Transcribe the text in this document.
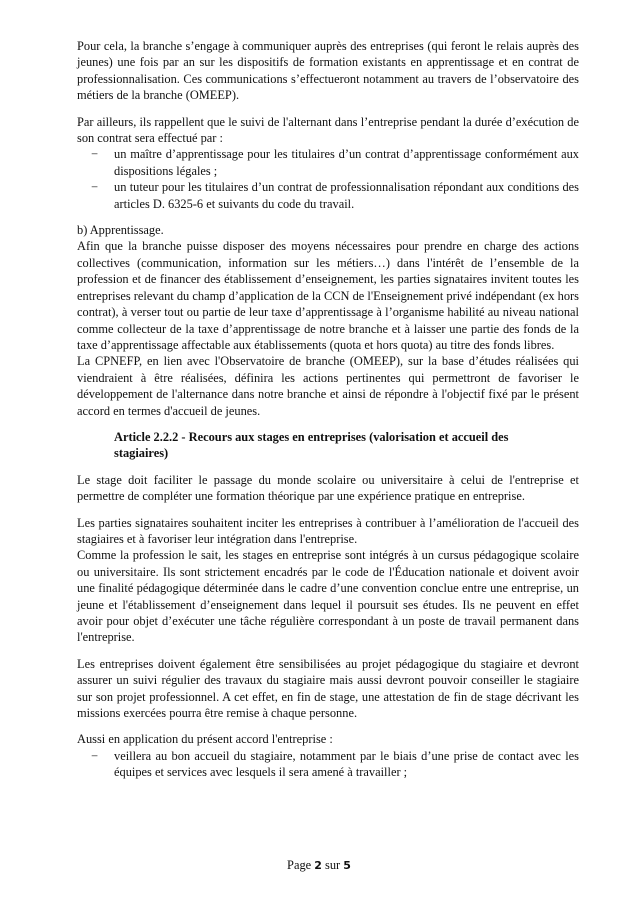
Pour cela, la branche s’engage à communiquer auprès des entreprises (qui feront le relais auprès des jeunes) une fois par an sur les dispositifs de formation existants en apprentissage et en contrat de professionnalisation. Ces communications s’effectueront notamment au travers de l’observatoire des métiers de la branche (OMEEP).

Par ailleurs, ils rappellent que le suivi de l'alternant dans l’entreprise pendant la durée d’exécution de son contrat sera effectué par :

− un maître d’apprentissage pour les titulaires d’un contrat d’apprentissage conformément aux dispositions légales ;
− un tuteur pour les titulaires d’un contrat de professionnalisation répondant aux conditions des articles D. 6325-6 et suivants du code du travail.

b) Apprentissage.

Afin que la branche puisse disposer des moyens nécessaires pour prendre en charge des actions collectives (communication, information sur les métiers…) dans l'intérêt de l’ensemble de la profession et de financer des établissement d’enseignement, les parties signataires invitent toutes les entreprises relevant du champ d’application de la CCN de l'Enseignement privé indépendant (ex hors contrat), à verser tout ou partie de leur taxe d’apprentissage à l’organisme habilité au niveau national comme collecteur de la taxe d’apprentissage de notre branche et à laisser une partie des fonds de la taxe d’apprentissage affectable aux établissements (quota et hors quota) au titre des fonds libres.

La CPNEFP, en lien avec l'Observatoire de branche (OMEEP), sur la base d’études réalisées qui viendraient à être réalisées, définira les actions pertinentes qui permettront de favoriser le développement de l'alternance dans notre branche et ainsi de répondre à l'objectif fixé par le présent accord en termes d'accueil de jeunes.

Article 2.2.2 - Recours aux stages en entreprises (valorisation et accueil des stagiaires)

Le stage doit faciliter le passage du monde scolaire ou universitaire à celui de l'entreprise et permettre de compléter une formation théorique par une expérience pratique en entreprise.

Les parties signataires souhaitent inciter les entreprises à contribuer à l’amélioration de l'accueil des stagiaires et à favoriser leur intégration dans l'entreprise.

Comme la profession le sait, les stages en entreprise sont intégrés à un cursus pédagogique scolaire ou universitaire. Ils sont strictement encadrés par le code de l'Éducation nationale et doivent avoir une finalité pédagogique déterminée dans le cadre d’une convention conclue entre une entreprise, un jeune et l'établissement d’enseignement dans lequel il poursuit ses études. Ils ne peuvent en effet avoir pour objet d’exécuter une tâche régulière correspondant à un poste de travail permanent dans l'entreprise.

Les entreprises doivent également être sensibilisées au projet pédagogique du stagiaire et devront assurer un suivi régulier des travaux du stagiaire mais aussi devront pouvoir conseiller le stagiaire sur son projet professionnel. A cet effet, en fin de stage, une attestation de fin de stage décrivant les missions exercées pourra être remise à chaque personne.

Aussi en application du présent accord l'entreprise :

− veillera au bon accueil du stagiaire, notamment par le biais d’une prise de contact avec les équipes et services avec lesquels il sera amené à travailler ;
Page 2 sur 5
